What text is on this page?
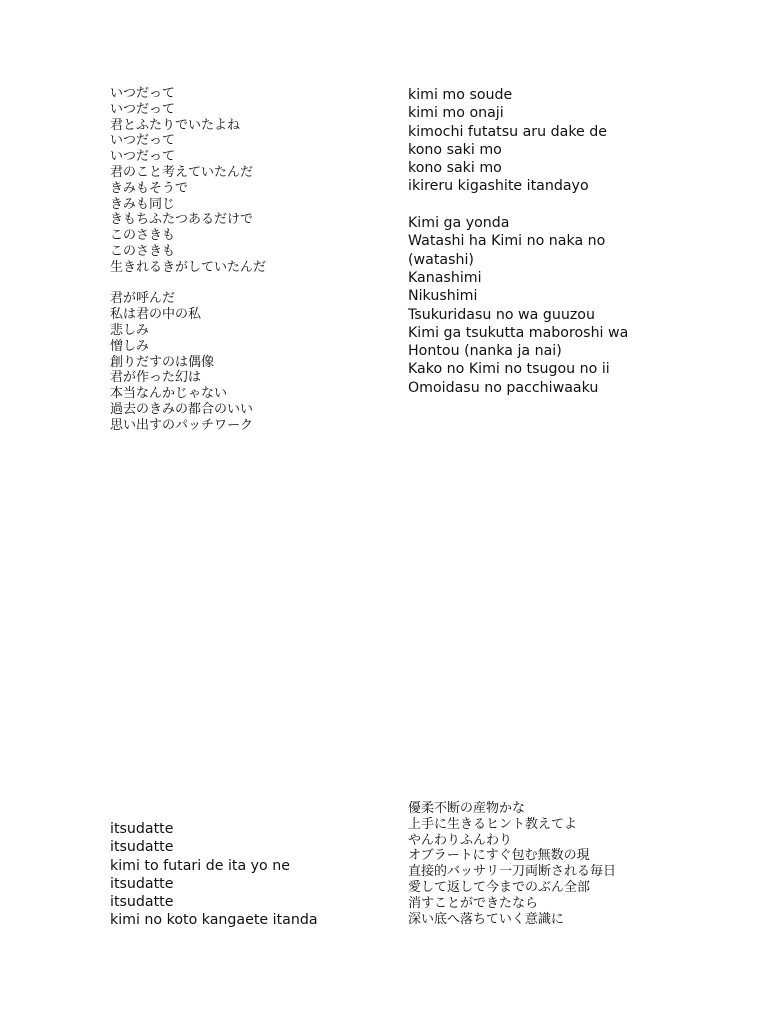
いつだって
いつだって
君とふたりでいたよね
いつだって
いつだって
君のこと考えていたんだ
きみもそうで
きみも同じ
きもちふたつあるだけで
このさきも
このさきも
生きれるきがしていたんだ
君が呼んだ
私は君の中の私
悲しみ
憎しみ
創りだすのは偶像
君が作った幻は
本当なんかじゃない
過去のきみの都合のいい
思い出すのパッチワーク
kimi mo soude
kimi mo onaji
kimochi futatsu aru dake de
kono saki mo
kono saki mo
ikireru kigashite itandayo
Kimi ga yonda
Watashi ha Kimi no naka no
(watashi)
Kanashimi
Nikushimi
Tsukuridasu no wa guuzou
Kimi ga tsukutta maboroshi wa
Hontou (nanka ja nai)
Kako no Kimi no tsugou no ii
Omoidasu no pacchiwaaku
itsudatte
itsudatte
kimi to futari de ita yo ne
itsudatte
itsudatte
kimi no koto kangaete itanda
優柔不断の産物かな
上手に生きるヒント教えてよ
やんわりふんわり
オブラートにすぐ包む無数の現
直接的バッサリ一刀両断される毎日
愛して返して今までのぶん全部
消すことができたなら
深い底へ落ちていく意識に
